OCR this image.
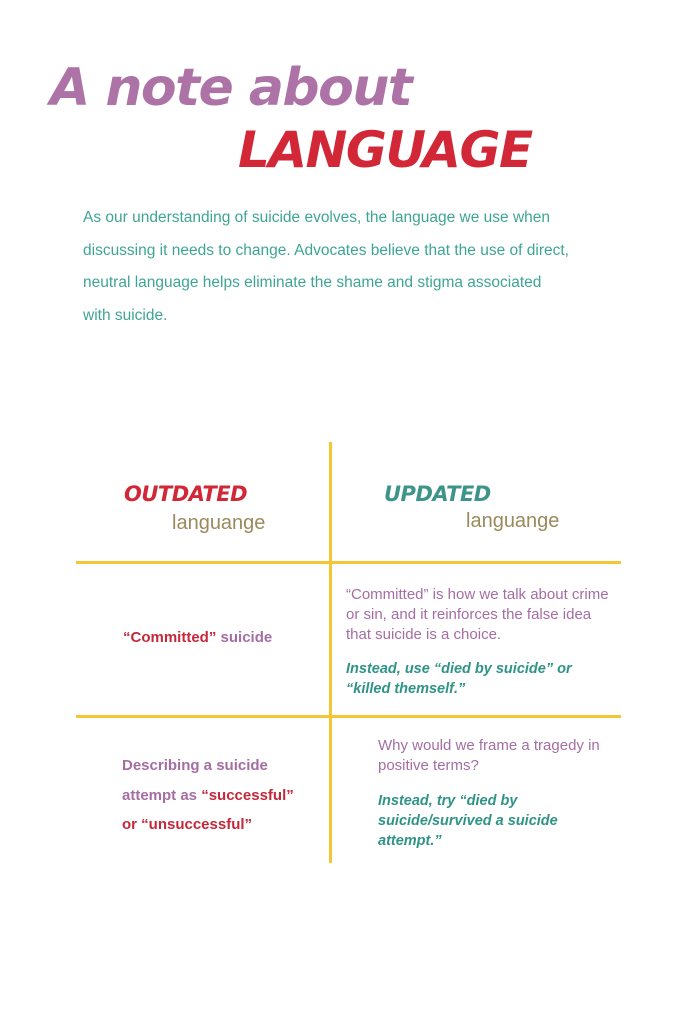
A note about
LANGUAGE

As our understanding of suicide evolves, the language we use when discussing it needs to change. Advocates believe that the use of direct, neutral language helps eliminate the shame and stigma associated with suicide.

OUTDATED
languange
UPDATED
languange
“Committed” suicide
“Committed” is how we talk about crime or sin, and it reinforces the false idea that suicide is a choice.
Instead, use “died by suicide” or “killed themself.”
Describing a suicide
attempt as “successful”
or “unsuccessful”
Why would we frame a tragedy in positive terms?
Instead, try “died by suicide/survived a suicide attempt.”
